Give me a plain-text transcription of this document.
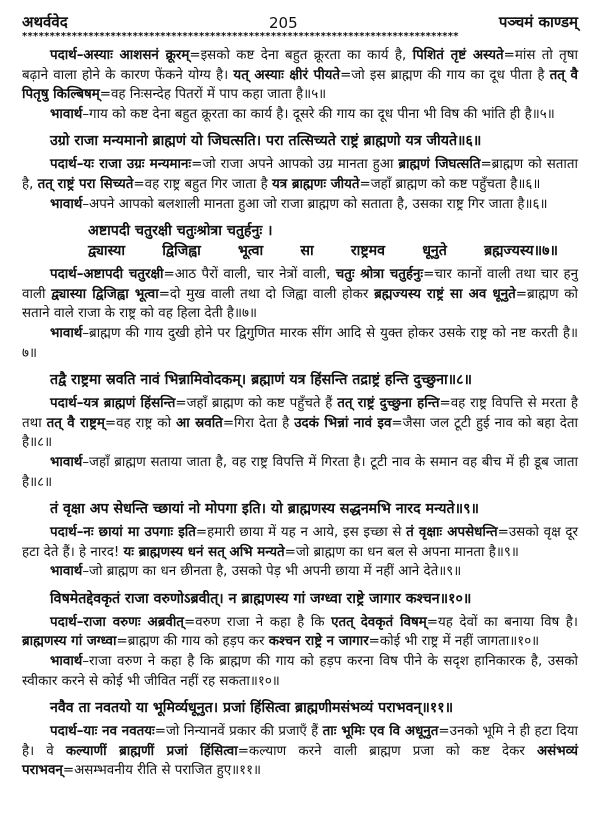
अथर्ववेद	205	पञ्चमं काण्डम्
*******************************************************************************
पदार्थ–अस्याः आशसनं क्रूरम्=इसको कष्ट देना बहुत क्रूरता का कार्य है, पिशितं तृष्टं अस्यते=मांस तो तृषा बढ़ाने वाला होने के कारण फेंकने योग्य है। यत् अस्याः क्षीरं पीयते=जो इस ब्राह्मण की गाय का दूध पीता है तत् वै पितृषु किल्बिषम्=वह निःसन्देह पितरों में पाप कहा जाता है॥५॥
भावार्थ–गाय को कष्ट देना बहुत क्रूरता का कार्य है। दूसरे की गाय का दूध पीना भी विष की भांति ही है॥५॥
उग्रो राजा मन्यमानो ब्राह्मणं यो जिघत्सति। परा तत्सिच्यते राष्ट्रं ब्राह्मणो यत्र जीयते॥६॥
पदार्थ–यः राजा उग्रः मन्यमानः=जो राजा अपने आपको उग्र मानता हुआ ब्राह्मणं जिघत्सति=ब्राह्मण को सताता है, तत् राष्ट्रं परा सिच्यते=वह राष्ट्र बहुत गिर जाता है यत्र ब्राह्मणः जीयते=जहाँ ब्राह्मण को कष्ट पहुँचता है॥६॥
भावार्थ–अपने आपको बलशाली मानता हुआ जो राजा ब्राह्मण को सताता है, उसका राष्ट्र गिर जाता है॥६॥
अष्टापदी चतुरक्षी चतुःश्रोत्रा चतुर्हनुः ।
द्व्यास्या द्विजिह्वा भूत्वा सा राष्ट्रमव धूनुते ब्रह्मज्यस्य॥७॥
पदार्थ–अष्टापदी चतुरक्षी=आठ पैरों वाली, चार नेत्रों वाली, चतुः श्रोत्रा चतुर्हनुः=चार कानों वाली तथा चार हनु वाली द्व्यास्या द्विजिह्वा भूत्वा=दो मुख वाली तथा दो जिह्वा वाली होकर ब्रह्मज्यस्य राष्ट्रं सा अव धूनुते=ब्राह्मण को सताने वाले राजा के राष्ट्र को वह हिला देती है॥७॥
भावार्थ–ब्राह्मण की गाय दुखी होने पर द्विगुणित मारक सींग आदि से युक्त होकर उसके राष्ट्र को नष्ट करती है॥७॥
तद्वै राष्ट्रमा स्रवति नावं भिन्नामिवोदकम्। ब्रह्माणं यत्र हिंसन्ति तद्राष्ट्रं हन्ति दुच्छुना॥८॥
पदार्थ–यत्र ब्राह्मणं हिंसन्ति=जहाँ ब्राह्मण को कष्ट पहुँचते हैं तत् राष्ट्रं दुच्छुना हन्ति=वह राष्ट्र विपत्ति से मरता है तथा तत् वै राष्ट्रम्=वह राष्ट्र को आ स्रवति=गिरा देता है उदकं भिन्नां नावं इव=जैसा जल टूटी हुई नाव को बहा देता है॥८॥
भावार्थ–जहाँ ब्राह्मण सताया जाता है, वह राष्ट्र विपत्ति में गिरता है। टूटी नाव के समान वह बीच में ही डूब जाता है॥८॥
तं वृक्षा अप सेधन्ति च्छायां नो मोपगा इति। यो ब्राह्मणस्य सद्धनमभि नारद मन्यते॥९॥
पदार्थ–नः छायां मा उपगाः इति=हमारी छाया में यह न आये, इस इच्छा से तं वृक्षाः अपसेधन्ति=उसको वृक्ष दूर हटा देते हैं। हे नारद! यः ब्राह्मणस्य धनं सत् अभि मन्यते=जो ब्राह्मण का धन बल से अपना मानता है॥९॥
भावार्थ–जो ब्राह्मण का धन छीनता है, उसको पेड़ भी अपनी छाया में नहीं आने देते॥९॥
विषमेतद्देवकृतं राजा वरुणोऽब्रवीत्। न ब्राह्मणस्य गां जग्ध्वा राष्ट्रे जागार कश्चन॥१०॥
पदार्थ–राजा वरुणः अब्रवीत्=वरुण राजा ने कहा है कि एतत् देवकृतं विषम्=यह देवों का बनाया विष है। ब्राह्मणस्य गां जग्ध्वा=ब्राह्मण की गाय को हड़प कर कश्चन राष्ट्रे न जागार=कोई भी राष्ट्र में नहीं जागता॥१०॥
भावार्थ–राजा वरुण ने कहा है कि ब्राह्मण की गाय को हड़प करना विष पीने के सदृश हानिकारक है, उसको स्वीकार करने से कोई भी जीवित नहीं रह सकता॥१०॥
नवैव ता नवतयो या भूमिर्व्यधूनुत। प्रजां हिंसित्वा ब्राह्मणीमसंभव्यं पराभवन्॥११॥
पदार्थ–याः नव नवतयः=जो निन्यानवें प्रकार की प्रजाएँ हैं ताः भूमिः एव वि अधूनुत=उनको भूमि ने ही हटा दिया है। वे कल्याणीं ब्राह्मणीं प्रजां हिंसित्वा=कल्याण करने वाली ब्राह्मण प्रजा को कष्ट देकर असंभव्यं पराभवन्=असम्भवनीय रीति से पराजित हुए॥११॥
